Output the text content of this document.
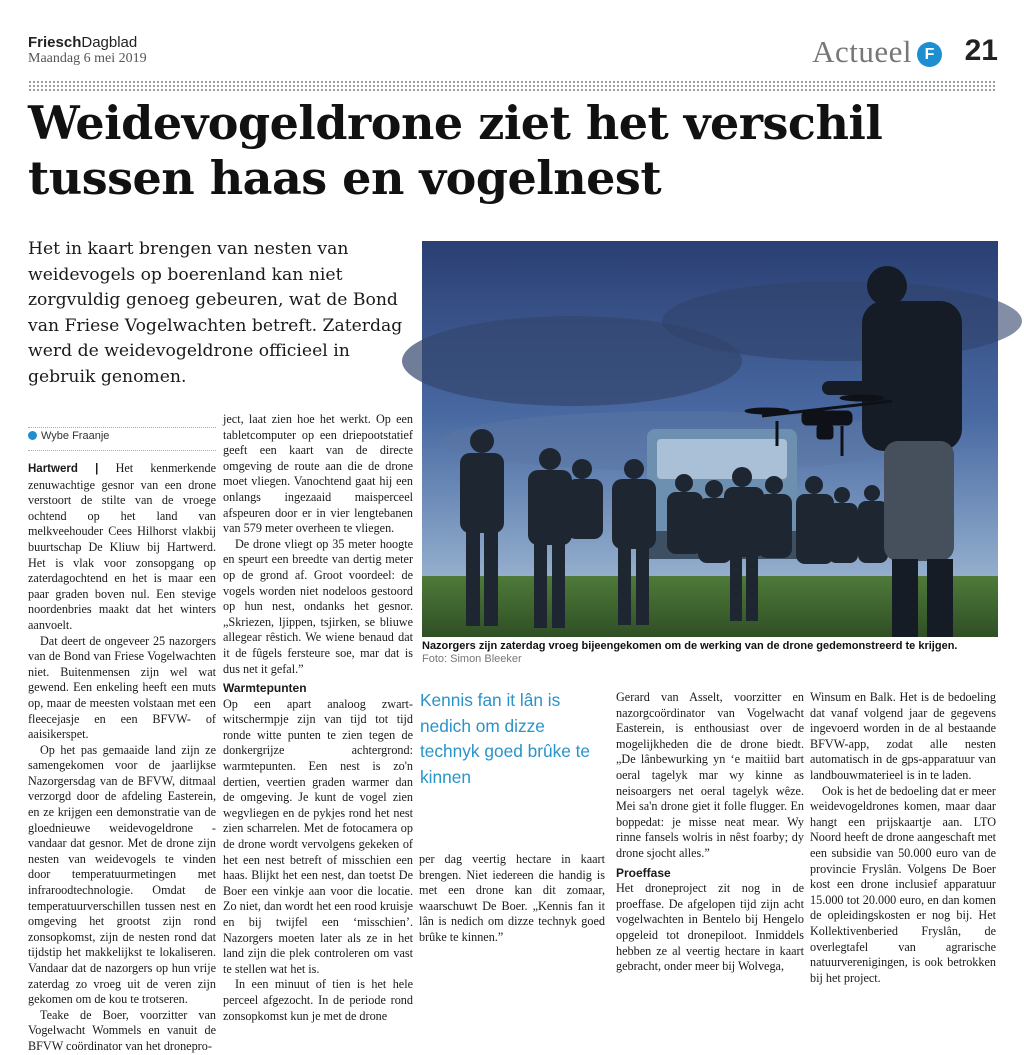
FrieschDagblad
Maandag 6 mei 2019	Actueel F 21
Weidevogeldrone ziet het verschil
tussen haas en vogelnest
Het in kaart brengen van nesten van weidevogels op boerenland kan niet zorgvuldig genoeg gebeuren, wat de Bond van Friese Vogelwachten betreft. Zaterdag werd de weidevogeldrone officieel in gebruik genomen.
Wybe Fraanje

Hartwerd | Het kenmerkende zenuwachtige gesnor van een drone verstoort de stilte van de vroege ochtend op het land van melkveehouder Cees Hilhorst vlakbij buurtschap De Kliuw bij Hartwerd. Het is vlak voor zonsopgang op zaterdagochtend en het is maar een paar graden boven nul. Een stevige noordenbries maakt dat het winters aanvoelt.

Dat deert de ongeveer 25 nazorgers van de Bond van Friese Vogelwachten niet. Buitenmensen zijn wel wat gewend. Een enkeling heeft een muts op, maar de meesten volstaan met een fleecejasje en een BFVW- of aaisikerspet.

Op het pas gemaaide land zijn ze samengekomen voor de jaarlijkse Nazorgersdag van de BFVW, ditmaal verzorgd door de afdeling Easterein, en ze krijgen een demonstratie van de gloednieuwe weidevogeldrone - vandaar dat gesnor. Met de drone zijn nesten van weidevogels te vinden door temperatuurmetingen met infraroodtechnologie. Omdat de temperatuurverschillen tussen nest en omgeving het grootst zijn rond zonsopkomst, zijn de nesten rond dat tijdstip het makkelijkst te lokaliseren. Vandaar dat de nazorgers op hun vrije zaterdag zo vroeg uit de veren zijn gekomen om de kou te trotseren.

Teake de Boer, voorzitter van Vogelwacht Wommels en vanuit de BFVW coördinator van het dronepro-

ject, laat zien hoe het werkt. Op een tabletcomputer op een driepootstatief geeft een kaart van de directe omgeving de route aan die de drone moet vliegen. Vanochtend gaat hij een onlangs ingezaaid maisperceel afspeuren door er in vier lengtebanen van 579 meter overheen te vliegen.

De drone vliegt op 35 meter hoogte en speurt een breedte van dertig meter op de grond af. Groot voordeel: de vogels worden niet nodeloos gestoord op hun nest, ondanks het gesnor. „Skriezen, ljippen, tsjirken, se bliuwe allegear rêstich. We wiene benaud dat it de fûgels fersteure soe, mar dat is dus net it gefal.”

Warmtepunten

Op een apart analoog zwart-witschermpje zijn van tijd tot tijd ronde witte punten te zien tegen de donkergrijze achtergrond: warmtepunten. Een nest is zo'n dertien, veertien graden warmer dan de omgeving. Je kunt de vogel zien wegvliegen en de pykjes rond het nest zien scharrelen. Met de fotocamera op de drone wordt vervolgens gekeken of het een nest betreft of misschien een haas. Blijkt het een nest, dan toetst De Boer een vinkje aan voor die locatie. Zo niet, dan wordt het een rood kruisje en bij twijfel een ‘misschien’. Nazorgers moeten later als ze in het land zijn die plek controleren om vast te stellen wat het is.

In een minuut of tien is het hele perceel afgezocht. In de periode rond zonsopkomst kun je met de drone

Nazorgers zijn zaterdag vroeg bijeengekomen om de werking van de drone gedemonstreerd te krijgen.
Foto: Simon Bleeker
Kennis fan it lân is nedich om dizze technyk goed brûke te kinnen

per dag veertig hectare in kaart brengen. Niet iedereen die handig is met een drone kan dit zomaar, waarschuwt De Boer. „Kennis fan it lân is nedich om dizze technyk goed brûke te kinnen.”

Gerard van Asselt, voorzitter en nazorgcoördinator van Vogelwacht Easterein, is enthousiast over de mogelijkheden die de drone biedt. „De lânbewurking yn ‘e maitiid bart oeral tagelyk mar wy kinne as neisoargers net oeral tagelyk wêze. Mei sa'n drone giet it folle flugger. En boppedat: je misse neat mear. Wy rinne fansels wolris in nêst foarby; dy drone sjocht alles.”

Proeffase

Het droneproject zit nog in de proeffase. De afgelopen tijd zijn acht vogelwachten in Bentelo bij Hengelo opgeleid tot dronepiloot. Inmiddels hebben ze al veertig hectare in kaart gebracht, onder meer bij Wolvega,

Winsum en Balk. Het is de bedoeling dat vanaf volgend jaar de gegevens ingevoerd worden in de al bestaande BFVW-app, zodat alle nesten automatisch in de gps-apparatuur van landbouwmaterieel is in te laden.

Ook is het de bedoeling dat er meer weidevogeldrones komen, maar daar hangt een prijskaartje aan. LTO Noord heeft de drone aangeschaft met een subsidie van 50.000 euro van de provincie Fryslân. Volgens De Boer kost een drone inclusief apparatuur 15.000 tot 20.000 euro, en dan komen de opleidingskosten er nog bij. Het Kollektivenberied Fryslân, de overlegtafel van agrarische natuurverenigingen, is ook betrokken bij het project.
